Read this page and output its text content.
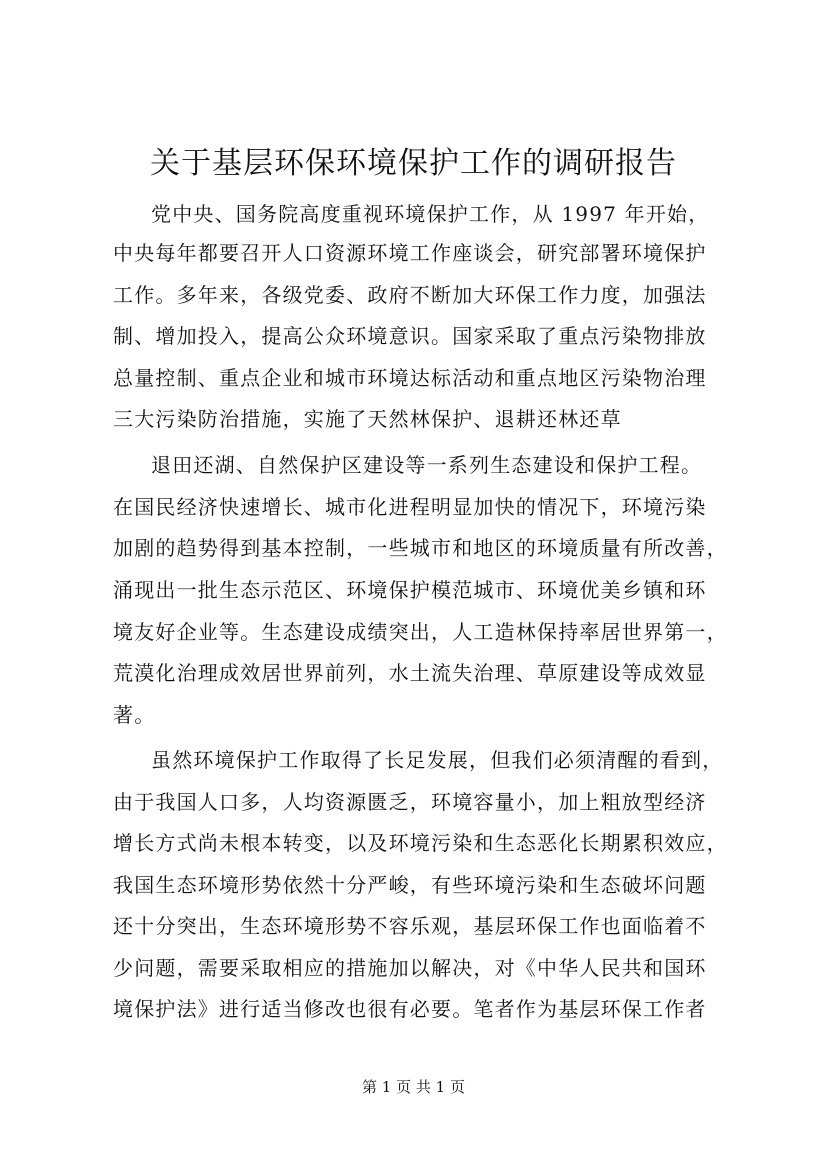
关于基层环保环境保护工作的调研报告

党中央、国务院高度重视环境保护工作，从 1997 年开始，

中央每年都要召开人口资源环境工作座谈会，研究部署环境保护

工作。多年来，各级党委、政府不断加大环保工作力度，加强法

制、增加投入，提高公众环境意识。国家采取了重点污染物排放

总量控制、重点企业和城市环境达标活动和重点地区污染物治理

三大污染防治措施，实施了天然林保护、退耕还林还草

退田还湖、自然保护区建设等一系列生态建设和保护工程。

在国民经济快速增长、城市化进程明显加快的情况下，环境污染

加剧的趋势得到基本控制，一些城市和地区的环境质量有所改善，

涌现出一批生态示范区、环境保护模范城市、环境优美乡镇和环

境友好企业等。生态建设成绩突出，人工造林保持率居世界第一，

荒漠化治理成效居世界前列，水土流失治理、草原建设等成效显

著。

虽然环境保护工作取得了长足发展，但我们必须清醒的看到，

由于我国人口多，人均资源匮乏，环境容量小，加上粗放型经济

增长方式尚未根本转变，以及环境污染和生态恶化长期累积效应，

我国生态环境形势依然十分严峻，有些环境污染和生态破坏问题

还十分突出，生态环境形势不容乐观，基层环保工作也面临着不

少问题，需要采取相应的措施加以解决，对《中华人民共和国环

境保护法》进行适当修改也很有必要。笔者作为基层环保工作者

第 1 页 共 1 页
